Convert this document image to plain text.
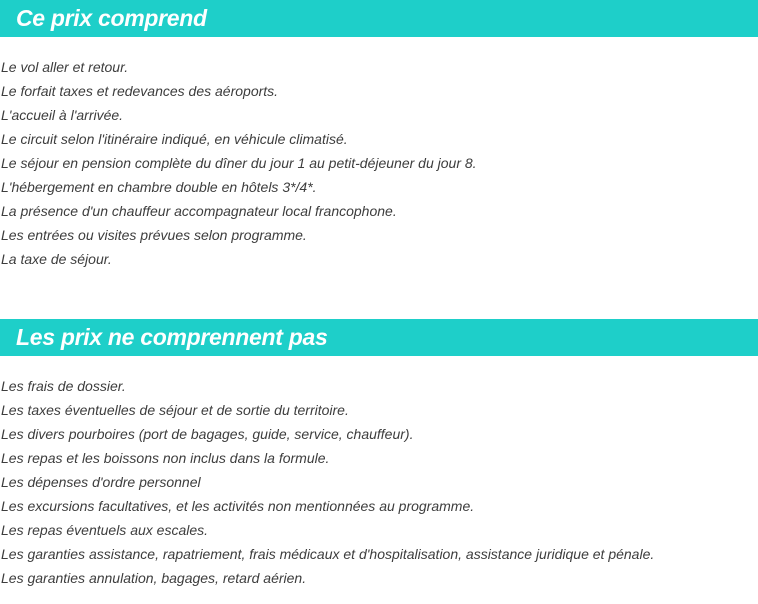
Ce prix comprend
Le vol aller et retour.
Le forfait taxes et redevances des aéroports.
L'accueil à l'arrivée.
Le circuit selon l'itinéraire indiqué, en véhicule climatisé.
Le séjour en pension complète du dîner du jour 1 au petit-déjeuner du jour 8.
L'hébergement en chambre double en hôtels 3*/4*.
La présence d'un chauffeur accompagnateur local francophone.
Les entrées ou visites prévues selon programme.
La taxe de séjour.
Les prix ne comprennent pas
Les frais de dossier.
Les taxes éventuelles de séjour et de sortie du territoire.
Les divers pourboires (port de bagages, guide, service, chauffeur).
Les repas et les boissons non inclus dans la formule.
Les dépenses d'ordre personnel
Les excursions facultatives, et les activités non mentionnées au programme.
Les repas éventuels aux escales.
Les garanties assistance, rapatriement, frais médicaux et d'hospitalisation, assistance juridique et pénale.
Les garanties annulation, bagages, retard aérien.
